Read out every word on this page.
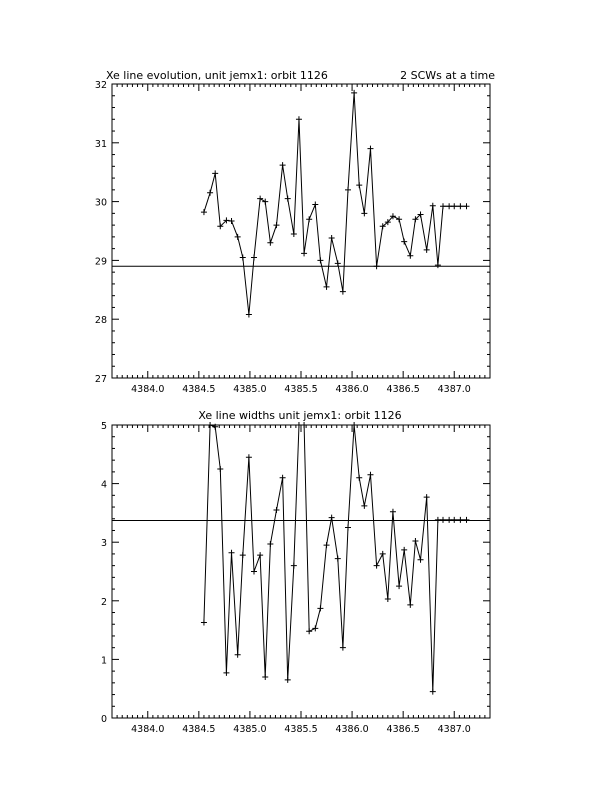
Xe line evolution, unit jemx1: orbit 1126	2 SCWs at a time
4384.0 4384.5 4385.0 4385.5 4386.0 4386.5 4387.0
27
28
29
30
31
32
Xe line widths unit jemx1: orbit 1126
4384.0 4384.5 4385.0 4385.5 4386.0 4386.5 4387.0
0
1
2
3
4
5
